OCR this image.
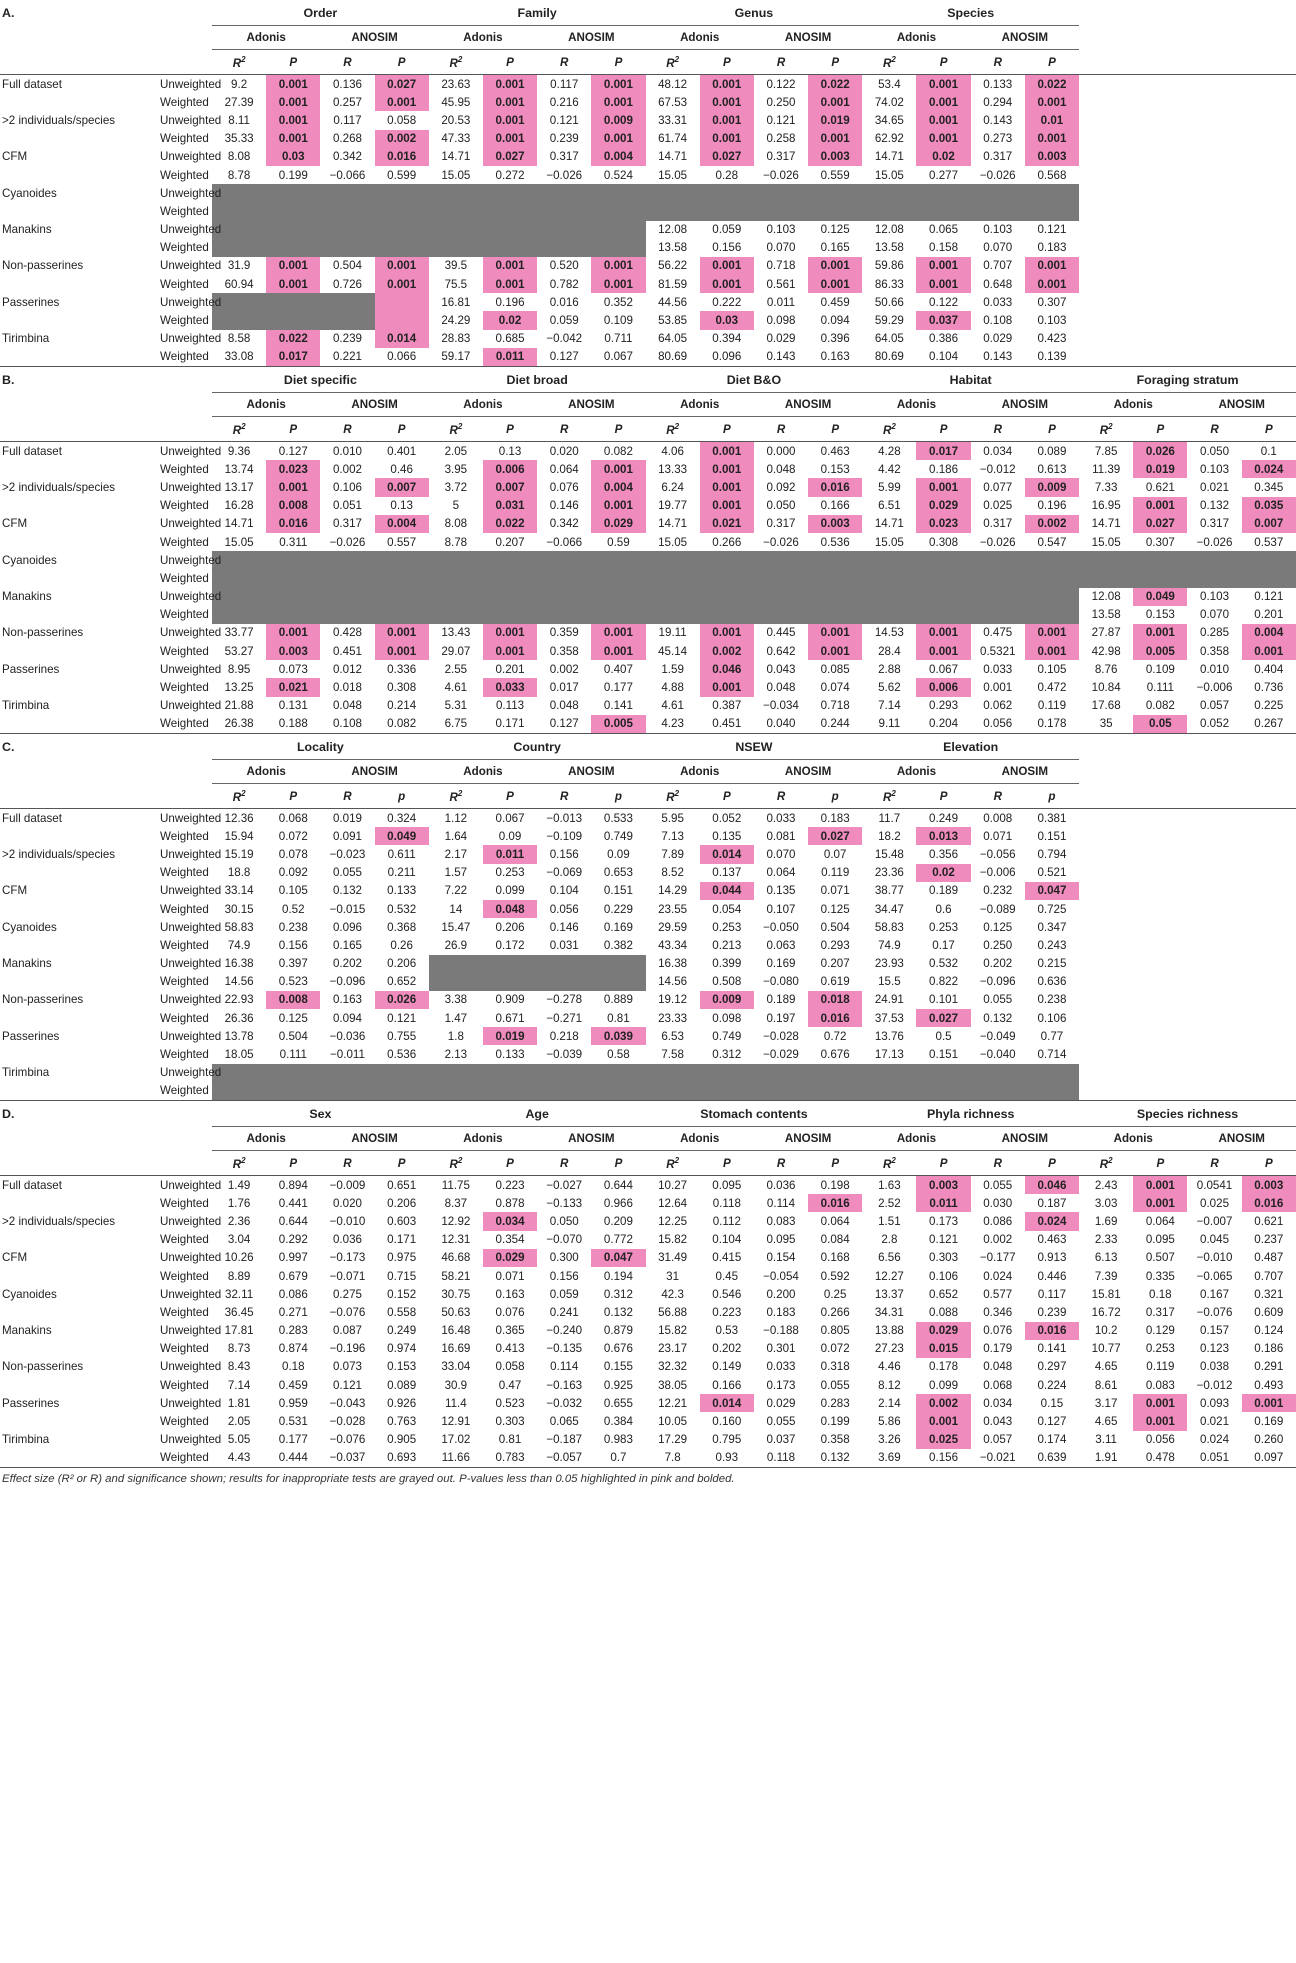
A.		Order				Family				Genus				Species							
		Adonis		ANOSIM		Adonis		ANOSIM		Adonis		ANOSIM		Adonis		ANOSIM					
		$R^2$	P	R	P	$R^2$	P	R	P	$R^2$	P	R	P	$R^2$	P	R	P				
Full dataset	Unweighted	9.2	0.001	0.136	0.027	23.63	0.001	0.117	0.001	48.12	0.001	0.122	0.022	53.4	0.001	0.133	0.022				
	Weighted	27.39	0.001	0.257	0.001	45.95	0.001	0.216	0.001	67.53	0.001	0.250	0.001	74.02	0.001	0.294	0.001				
>2 individuals/species	Unweighted	8.11	0.001	0.117	0.058	20.53	0.001	0.121	0.009	33.31	0.001	0.121	0.019	34.65	0.001	0.143	0.01				
	Weighted	35.33	0.001	0.268	0.002	47.33	0.001	0.239	0.001	61.74	0.001	0.258	0.001	62.92	0.001	0.273	0.001				
CFM	Unweighted	8.08	0.03	0.342	0.016	14.71	0.027	0.317	0.004	14.71	0.027	0.317	0.003	14.71	0.02	0.317	0.003				
	Weighted	8.78	0.199	−0.066	0.599	15.05	0.272	−0.026	0.524	15.05	0.28	−0.026	0.559	15.05	0.277	−0.026	0.568				
Cyanoides	Unweighted																				
	Weighted																				
Manakins	Unweighted									12.08	0.059	0.103	0.125	12.08	0.065	0.103	0.121				
	Weighted									13.58	0.156	0.070	0.165	13.58	0.158	0.070	0.183				
Non-passerines	Unweighted	31.9	0.001	0.504	0.001	39.5	0.001	0.520	0.001	56.22	0.001	0.718	0.001	59.86	0.001	0.707	0.001				
	Weighted	60.94	0.001	0.726	0.001	75.5	0.001	0.782	0.001	81.59	0.001	0.561	0.001	86.33	0.001	0.648	0.001				
Passerines	Unweighted					16.81	0.196	0.016	0.352	44.56	0.222	0.011	0.459	50.66	0.122	0.033	0.307				
	Weighted					24.29	0.02	0.059	0.109	53.85	0.03	0.098	0.094	59.29	0.037	0.108	0.103				
Tirimbina	Unweighted	8.58	0.022	0.239	0.014	28.83	0.685	−0.042	0.711	64.05	0.394	0.029	0.396	64.05	0.386	0.029	0.423				
	Weighted	33.08	0.017	0.221	0.066	59.17	0.011	0.127	0.067	80.69	0.096	0.143	0.163	80.69	0.104	0.143	0.139				
B.		Diet specific				Diet broad				Diet B&O				Habitat				Foraging stratum			
		Adonis		ANOSIM		Adonis		ANOSIM		Adonis		ANOSIM		Adonis		ANOSIM		Adonis		ANOSIM	
		$R^2$	P	R	P	$R^2$	P	R	P	$R^2$	P	R	P	$R^2$	P	R	P	$R^2$	P	R	P
Full dataset	Unweighted	9.36	0.127	0.010	0.401	2.05	0.13	0.020	0.082	4.06	0.001	0.000	0.463	4.28	0.017	0.034	0.089	7.85	0.026	0.050	0.1
	Weighted	13.74	0.023	0.002	0.46	3.95	0.006	0.064	0.001	13.33	0.001	0.048	0.153	4.42	0.186	−0.012	0.613	11.39	0.019	0.103	0.024
>2 individuals/species	Unweighted	13.17	0.001	0.106	0.007	3.72	0.007	0.076	0.004	6.24	0.001	0.092	0.016	5.99	0.001	0.077	0.009	7.33	0.621	0.021	0.345
	Weighted	16.28	0.008	0.051	0.13	5	0.031	0.146	0.001	19.77	0.001	0.050	0.166	6.51	0.029	0.025	0.196	16.95	0.001	0.132	0.035
CFM	Unweighted	14.71	0.016	0.317	0.004	8.08	0.022	0.342	0.029	14.71	0.021	0.317	0.003	14.71	0.023	0.317	0.002	14.71	0.027	0.317	0.007
	Weighted	15.05	0.311	−0.026	0.557	8.78	0.207	−0.066	0.59	15.05	0.266	−0.026	0.536	15.05	0.308	−0.026	0.547	15.05	0.307	−0.026	0.537
Cyanoides	Unweighted																				
	Weighted																				
Manakins	Unweighted																	12.08	0.049	0.103	0.121
	Weighted																	13.58	0.153	0.070	0.201
Non-passerines	Unweighted	33.77	0.001	0.428	0.001	13.43	0.001	0.359	0.001	19.11	0.001	0.445	0.001	14.53	0.001	0.475	0.001	27.87	0.001	0.285	0.004
	Weighted	53.27	0.003	0.451	0.001	29.07	0.001	0.358	0.001	45.14	0.002	0.642	0.001	28.4	0.001	0.5321	0.001	42.98	0.005	0.358	0.001
Passerines	Unweighted	8.95	0.073	0.012	0.336	2.55	0.201	0.002	0.407	1.59	0.046	0.043	0.085	2.88	0.067	0.033	0.105	8.76	0.109	0.010	0.404
	Weighted	13.25	0.021	0.018	0.308	4.61	0.033	0.017	0.177	4.88	0.001	0.048	0.074	5.62	0.006	0.001	0.472	10.84	0.111	−0.006	0.736
Tirimbina	Unweighted	21.88	0.131	0.048	0.214	5.31	0.113	0.048	0.141	4.61	0.387	−0.034	0.718	7.14	0.293	0.062	0.119	17.68	0.082	0.057	0.225
	Weighted	26.38	0.188	0.108	0.082	6.75	0.171	0.127	0.005	4.23	0.451	0.040	0.244	9.11	0.204	0.056	0.178	35	0.05	0.052	0.267
C.		Locality				Country				NSEW				Elevation							
		Adonis		ANOSIM		Adonis		ANOSIM		Adonis		ANOSIM		Adonis		ANOSIM					
		$R^2$	P	R	p	$R^2$	P	R	p	$R^2$	P	R	p	$R^2$	P	R	p				
Full dataset	Unweighted	12.36	0.068	0.019	0.324	1.12	0.067	−0.013	0.533	5.95	0.052	0.033	0.183	11.7	0.249	0.008	0.381				
	Weighted	15.94	0.072	0.091	0.049	1.64	0.09	−0.109	0.749	7.13	0.135	0.081	0.027	18.2	0.013	0.071	0.151				
>2 individuals/species	Unweighted	15.19	0.078	−0.023	0.611	2.17	0.011	0.156	0.09	7.89	0.014	0.070	0.07	15.48	0.356	−0.056	0.794				
	Weighted	18.8	0.092	0.055	0.211	1.57	0.253	−0.069	0.653	8.52	0.137	0.064	0.119	23.36	0.02	−0.006	0.521				
CFM	Unweighted	33.14	0.105	0.132	0.133	7.22	0.099	0.104	0.151	14.29	0.044	0.135	0.071	38.77	0.189	0.232	0.047				
	Weighted	30.15	0.52	−0.015	0.532	14	0.048	0.056	0.229	23.55	0.054	0.107	0.125	34.47	0.6	−0.089	0.725				
Cyanoides	Unweighted	58.83	0.238	0.096	0.368	15.47	0.206	0.146	0.169	29.59	0.253	−0.050	0.504	58.83	0.253	0.125	0.347				
	Weighted	74.9	0.156	0.165	0.26	26.9	0.172	0.031	0.382	43.34	0.213	0.063	0.293	74.9	0.17	0.250	0.243				
Manakins	Unweighted	16.38	0.397	0.202	0.206					16.38	0.399	0.169	0.207	23.93	0.532	0.202	0.215				
	Weighted	14.56	0.523	−0.096	0.652					14.56	0.508	−0.080	0.619	15.5	0.822	−0.096	0.636				
Non-passerines	Unweighted	22.93	0.008	0.163	0.026	3.38	0.909	−0.278	0.889	19.12	0.009	0.189	0.018	24.91	0.101	0.055	0.238				
	Weighted	26.36	0.125	0.094	0.121	1.47	0.671	−0.271	0.81	23.33	0.098	0.197	0.016	37.53	0.027	0.132	0.106				
Passerines	Unweighted	13.78	0.504	−0.036	0.755	1.8	0.019	0.218	0.039	6.53	0.749	−0.028	0.72	13.76	0.5	−0.049	0.77				
	Weighted	18.05	0.111	−0.011	0.536	2.13	0.133	−0.039	0.58	7.58	0.312	−0.029	0.676	17.13	0.151	−0.040	0.714				
Tirimbina	Unweighted																				
	Weighted																				
D.		Sex				Age				Stomach contents				Phyla richness				Species richness			
		Adonis		ANOSIM		Adonis		ANOSIM		Adonis		ANOSIM		Adonis		ANOSIM		Adonis		ANOSIM	
		$R^2$	P	R	P	$R^2$	P	R	P	$R^2$	P	R	P	$R^2$	P	R	P	$R^2$	P	R	P
Full dataset	Unweighted	1.49	0.894	−0.009	0.651	11.75	0.223	−0.027	0.644	10.27	0.095	0.036	0.198	1.63	0.003	0.055	0.046	2.43	0.001	0.0541	0.003
	Weighted	1.76	0.441	0.020	0.206	8.37	0.878	−0.133	0.966	12.64	0.118	0.114	0.016	2.52	0.011	0.030	0.187	3.03	0.001	0.025	0.016
>2 individuals/species	Unweighted	2.36	0.644	−0.010	0.603	12.92	0.034	0.050	0.209	12.25	0.112	0.083	0.064	1.51	0.173	0.086	0.024	1.69	0.064	−0.007	0.621
	Weighted	3.04	0.292	0.036	0.171	12.31	0.354	−0.070	0.772	15.82	0.104	0.095	0.084	2.8	0.121	0.002	0.463	2.33	0.095	0.045	0.237
CFM	Unweighted	10.26	0.997	−0.173	0.975	46.68	0.029	0.300	0.047	31.49	0.415	0.154	0.168	6.56	0.303	−0.177	0.913	6.13	0.507	−0.010	0.487
	Weighted	8.89	0.679	−0.071	0.715	58.21	0.071	0.156	0.194	31	0.45	−0.054	0.592	12.27	0.106	0.024	0.446	7.39	0.335	−0.065	0.707
Cyanoides	Unweighted	32.11	0.086	0.275	0.152	30.75	0.163	0.059	0.312	42.3	0.546	0.200	0.25	13.37	0.652	0.577	0.117	15.81	0.18	0.167	0.321
	Weighted	36.45	0.271	−0.076	0.558	50.63	0.076	0.241	0.132	56.88	0.223	0.183	0.266	34.31	0.088	0.346	0.239	16.72	0.317	−0.076	0.609
Manakins	Unweighted	17.81	0.283	0.087	0.249	16.48	0.365	−0.240	0.879	15.82	0.53	−0.188	0.805	13.88	0.029	0.076	0.016	10.2	0.129	0.157	0.124
	Weighted	8.73	0.874	−0.196	0.974	16.69	0.413	−0.135	0.676	23.17	0.202	0.301	0.072	27.23	0.015	0.179	0.141	10.77	0.253	0.123	0.186
Non-passerines	Unweighted	8.43	0.18	0.073	0.153	33.04	0.058	0.114	0.155	32.32	0.149	0.033	0.318	4.46	0.178	0.048	0.297	4.65	0.119	0.038	0.291
	Weighted	7.14	0.459	0.121	0.089	30.9	0.47	−0.163	0.925	38.05	0.166	0.173	0.055	8.12	0.099	0.068	0.224	8.61	0.083	−0.012	0.493
Passerines	Unweighted	1.81	0.959	−0.043	0.926	11.4	0.523	−0.032	0.655	12.21	0.014	0.029	0.283	2.14	0.002	0.034	0.15	3.17	0.001	0.093	0.001
	Weighted	2.05	0.531	−0.028	0.763	12.91	0.303	0.065	0.384	10.05	0.160	0.055	0.199	5.86	0.001	0.043	0.127	4.65	0.001	0.021	0.169
Tirimbina	Unweighted	5.05	0.177	−0.076	0.905	17.02	0.81	−0.187	0.983	17.29	0.795	0.037	0.358	3.26	0.025	0.057	0.174	3.11	0.056	0.024	0.260
	Weighted	4.43	0.444	−0.037	0.693	11.66	0.783	−0.057	0.7	7.8	0.93	0.118	0.132	3.69	0.156	−0.021	0.639	1.91	0.478	0.051	0.097
Effect size (R² or R) and significance shown; results for inappropriate tests are grayed out. P-values less than 0.05 highlighted in pink and bolded.
